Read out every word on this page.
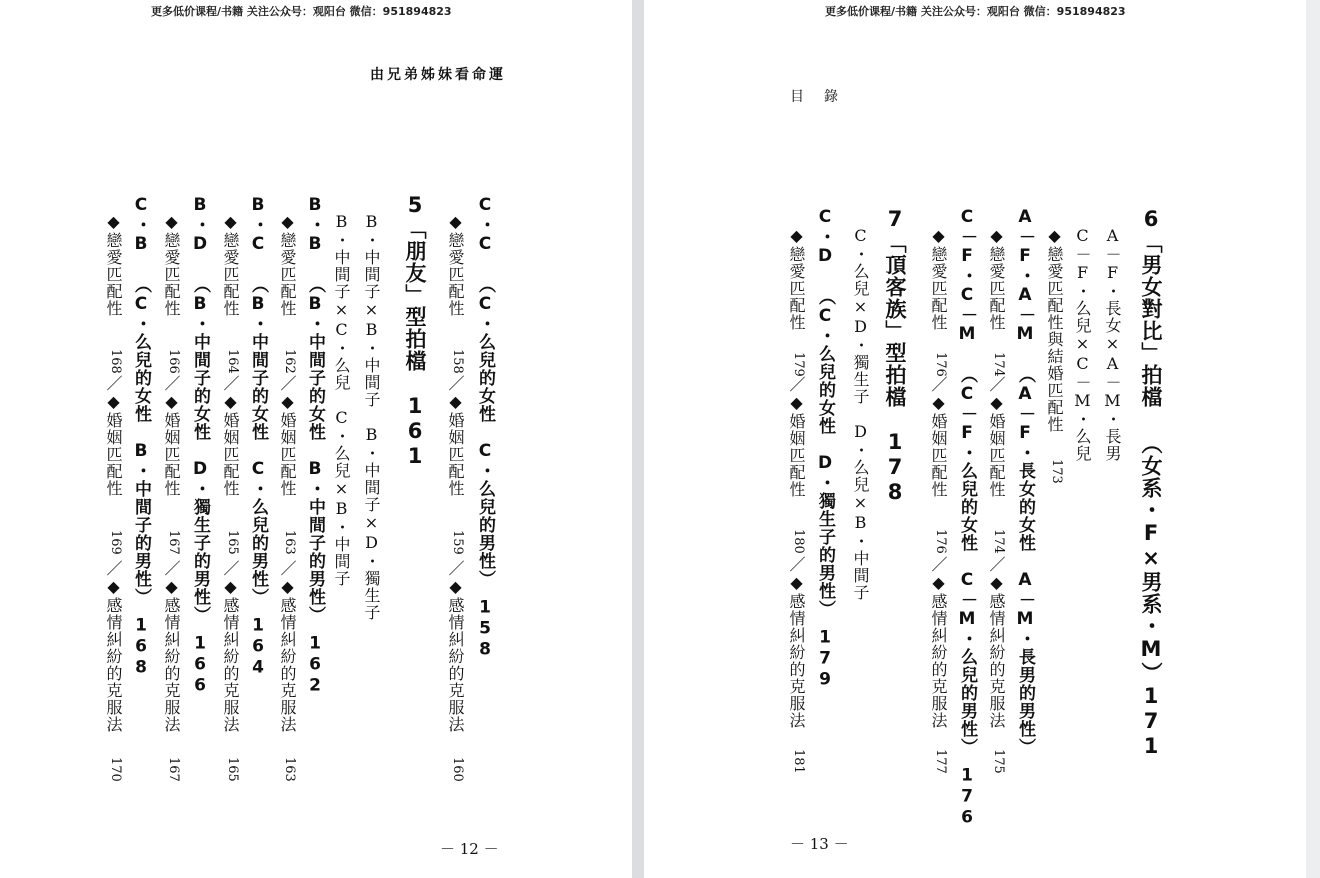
更多低价课程/书籍 关注公众号：观阳台 微信：951894823
由兄弟姊妹看命運
C・C （C・么兒的女性　C・么兒的男性）　158
◆戀愛匹配性　
158
／◆婚姻匹配性　
159
／◆感情糾紛的克服法　
160
5「朋友」型拍檔　161
B・中間子×B・中間子　B・中間子×D・獨生子
B・中間子×C・么兒　C・么兒×B・中間子
B・B （B・中間子的女性　B・中間子的男性）　162
◆戀愛匹配性　
162
／◆婚姻匹配性　
163
／◆感情糾紛的克服法　
163
B・C （B・中間子的女性　C・么兒的男性）　164
◆戀愛匹配性　
164
／◆婚姻匹配性　
165
／◆感情糾紛的克服法　
165
B・D （B・中間子的女性　D・獨生子的男性）　166
◆戀愛匹配性　
166
／◆婚姻匹配性　
167
／◆感情糾紛的克服法　
167
C・B （C・么兒的女性　B・中間子的男性）　168
◆戀愛匹配性　
168
／◆婚姻匹配性　
169
／◆感情糾紛的克服法　
170
－ 12 －
更多低价课程/书籍 关注公众号：观阳台 微信：951894823
目　錄
6「男女對比」拍檔 （女系・F×男系・M）171
A－F・長女×A－M・長男
C－F・么兒×C－M・么兒
◆戀愛匹配性與結婚匹配性　
173
A－F・A－M （A－F・長女的女性　A－M・長男的男性）
◆戀愛匹配性　
174
／◆婚姻匹配性　
174
／◆感情糾紛的克服法　
175
C－F・C－M （C－F・么兒的女性　C－M・么兒的男性）　176
◆戀愛匹配性　
176
／◆婚姻匹配性　
176
／◆感情糾紛的克服法　
177
7「頂客族」型拍檔　178
C・么兒×D・獨生子　D・么兒×B・中間子
C・D （C・么兒的女性　D・獨生子的男性）　179
◆戀愛匹配性　
179
／◆婚姻匹配性　
180
／◆感情糾紛的克服法　
181
－ 13 －
